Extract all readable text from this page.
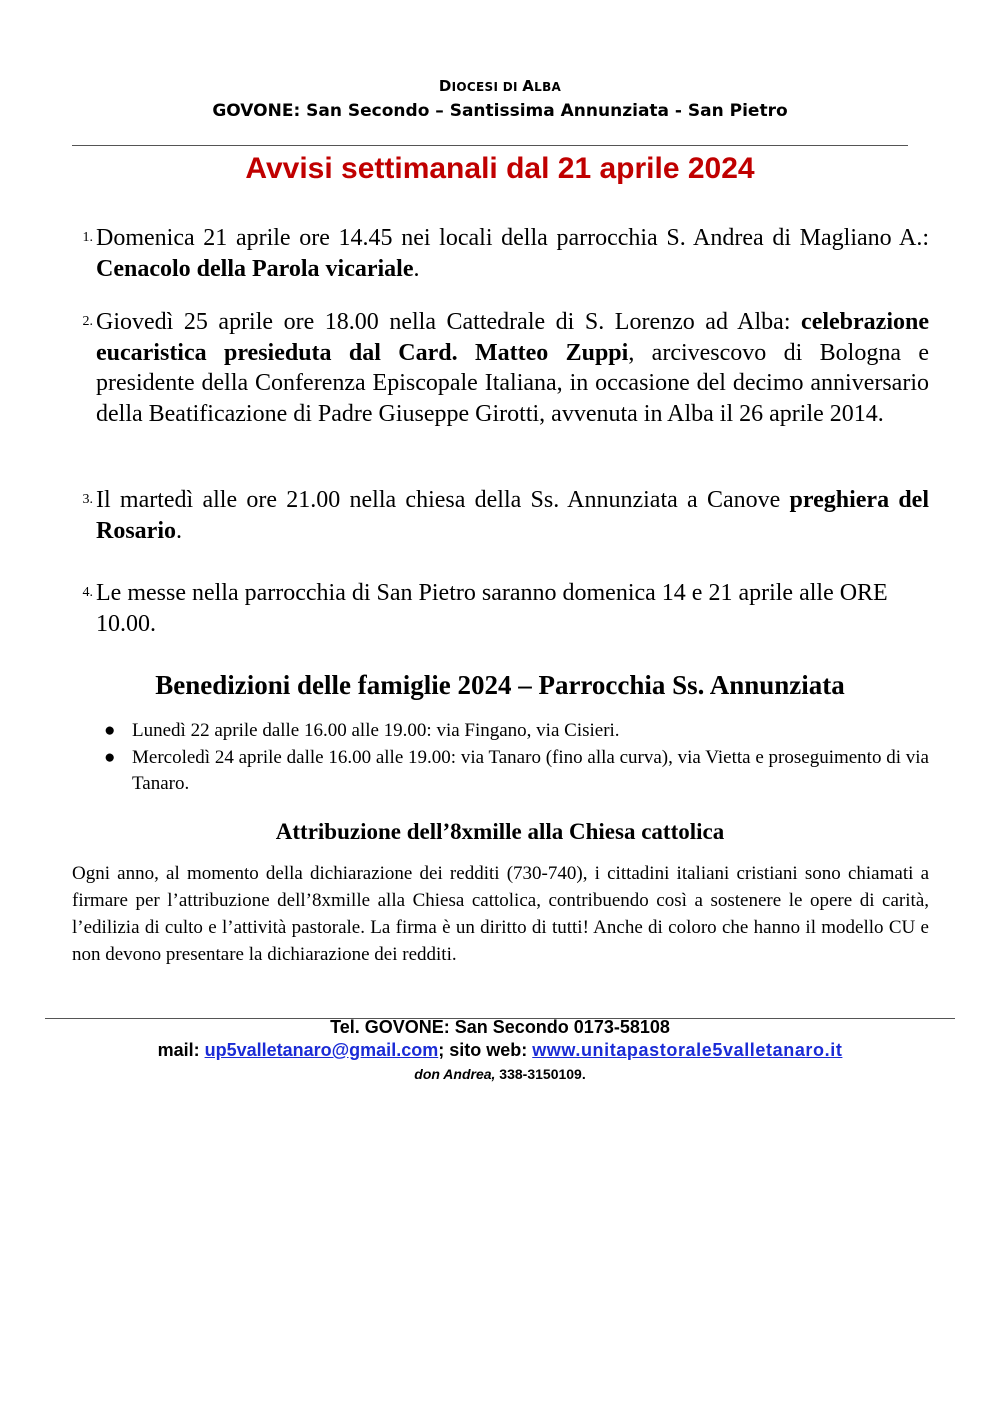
DIOCESI DI ALBA
GOVONE: San Secondo – Santissima Annunziata - San Pietro
Avvisi settimanali dal 21 aprile 2024
1. Domenica 21 aprile ore 14.45 nei locali della parrocchia S. Andrea di Magliano A.: Cenacolo della Parola vicariale.
2. Giovedì 25 aprile ore 18.00 nella Cattedrale di S. Lorenzo ad Alba: celebrazione eucaristica presieduta dal Card. Matteo Zuppi, arcivescovo di Bologna e presidente della Conferenza Episcopale Italiana, in occasione del decimo anniversario della Beatificazione di Padre Giuseppe Girotti, avvenuta in Alba il 26 aprile 2014.
3. Il martedì alle ore 21.00 nella chiesa della Ss. Annunziata a Canove preghiera del Rosario.
4. Le messe nella parrocchia di San Pietro saranno domenica 14 e 21 aprile alle ORE 10.00.
Benedizioni delle famiglie 2024 – Parrocchia Ss. Annunziata
● Lunedì 22 aprile dalle 16.00 alle 19.00: via Fingano, via Cisieri.
● Mercoledì 24 aprile dalle 16.00 alle 19.00: via Tanaro (fino alla curva), via Vietta e proseguimento di via Tanaro.
Attribuzione dell’8xmille alla Chiesa cattolica
Ogni anno, al momento della dichiarazione dei redditi (730-740), i cittadini italiani cristiani sono chiamati a firmare per l’attribuzione dell’8xmille alla Chiesa cattolica, contribuendo così a sostenere le opere di carità, l’edilizia di culto e l’attività pastorale. La firma è un diritto di tutti! Anche di coloro che hanno il modello CU e non devono presentare la dichiarazione dei redditi.
Tel. GOVONE: San Secondo 0173-58108
mail: up5valletanaro@gmail.com; sito web: www.unitapastorale5valletanaro.it
don Andrea, 338-3150109.
